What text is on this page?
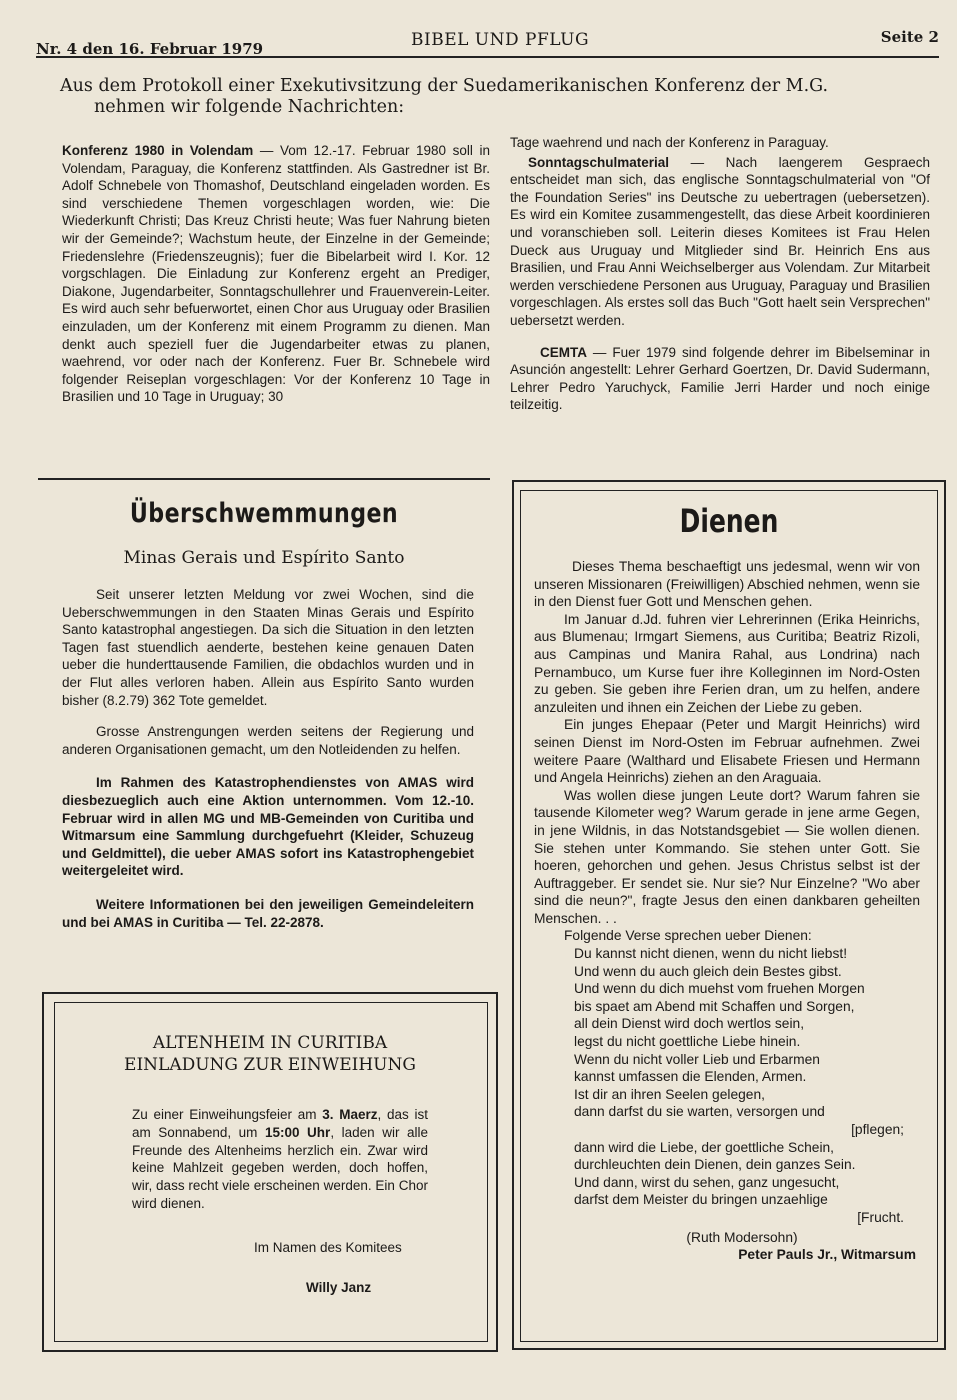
Nr. 4 den 16. Februar 1979	BIBEL UND PFLUG	Seite 2
Aus dem Protokoll einer Exekutivsitzung der Suedamerikanischen Konferenz der M.G.
nehmen wir folgende Nachrichten:

Konferenz 1980 in Volendam — Vom 12.-17. Februar 1980 soll in Volendam, Paraguay, die Konferenz stattfinden. Als Gastredner ist Br. Adolf Schnebele von Thomashof, Deutschland eingeladen worden. Es sind verschiedene Themen vorgeschlagen worden, wie: Die Wiederkunft Christi; Das Kreuz Christi heute; Was fuer Nahrung bieten wir der Gemeinde?; Wachstum heute, der Einzelne in der Gemeinde; Friedenslehre (Friedenszeugnis); fuer die Bibelarbeit wird I. Kor. 12 vorgschlagen. Die Einladung zur Konferenz ergeht an Prediger, Diakone, Jugendarbeiter, Sonntagschullehrer und Frauenverein-Leiter. Es wird auch sehr befuerwortet, einen Chor aus Uruguay oder Brasilien einzuladen, um der Konferenz mit einem Programm zu dienen. Man denkt auch speziell fuer die Jugendarbeiter etwas zu planen, waehrend, vor oder nach der Konferenz. Fuer Br. Schnebele wird folgender Reiseplan vorgeschlagen: Vor der Konferenz 10 Tage in Brasilien und 10 Tage in Uruguay; 30

Tage waehrend und nach der Konferenz in Paraguay.

Sonntagschulmaterial — Nach laengerem Gespraech entscheidet man sich, das englische Sonntagschulmaterial von "Of the Foundation Series" ins Deutsche zu uebertragen (uebersetzen). Es wird ein Komitee zusammengestellt, das diese Arbeit koordinieren und voranschieben soll. Leiterin dieses Komitees ist Frau Helen Dueck aus Uruguay und Mitglieder sind Br. Heinrich Ens aus Brasilien, und Frau Anni Weichselberger aus Volendam. Zur Mitarbeit werden verschiedene Personen aus Uruguay, Paraguay und Brasilien vorgeschlagen. Als erstes soll das Buch "Gott haelt sein Versprechen" uebersetzt werden.

CEMTA — Fuer 1979 sind folgende dehrer im Bibelseminar in Asunción angestellt: Lehrer Gerhard Goertzen, Dr. David Sudermann, Lehrer Pedro Yaruchyck, Familie Jerri Harder und noch einige teilzeitig.

Überschwemmungen
Minas Gerais und Espírito Santo

Seit unserer letzten Meldung vor zwei Wochen, sind die Ueberschwemmungen in den Staaten Minas Gerais und Espírito Santo katastrophal angestiegen. Da sich die Situation in den letzten Tagen fast stuendlich aenderte, bestehen keine genauen Daten ueber die hunderttausende Familien, die obdachlos wurden und in der Flut alles verloren haben. Allein aus Espírito Santo wurden bisher (8.2.79) 362 Tote gemeldet.

Grosse Anstrengungen werden seitens der Regierung und anderen Organisationen gemacht, um den Notleidenden zu helfen.

Im Rahmen des Katastrophendienstes von AMAS wird diesbezueglich auch eine Aktion unternommen. Vom 12.-10. Februar wird in allen MG und MB-Gemeinden von Curitiba und Witmarsum eine Sammlung durchgefuehrt (Kleider, Schuzeug und Geldmittel), die ueber AMAS sofort ins Katastrophengebiet weitergeleitet wird.

Weitere Informationen bei den jeweiligen Gemeindeleitern und bei AMAS in Curitiba — Tel. 22-2878.

ALTENHEIM IN CURITIBA
EINLADUNG ZUR EINWEIHUNG
Zu einer Einweihungsfeier am 3. Maerz, das ist am Sonnabend, um 15:00 Uhr, laden wir alle Freunde des Altenheims herzlich ein. Zwar wird keine Mahlzeit gegeben werden, doch hoffen, wir, dass recht viele erscheinen werden. Ein Chor wird dienen.
Im Namen des Komitees
Willy Janz
Dienen

Dieses Thema beschaeftigt uns jedesmal, wenn wir von unseren Missionaren (Freiwilligen) Abschied nehmen, wenn sie in den Dienst fuer Gott und Menschen gehen.

Im Januar d.Jd. fuhren vier Lehrerinnen (Erika Heinrichs, aus Blumenau; Irmgart Siemens, aus Curitiba; Beatriz Rizoli, aus Campinas und Manira Rahal, aus Londrina) nach Pernambuco, um Kurse fuer ihre Kolleginnen im Nord-Osten zu geben. Sie geben ihre Ferien dran, um zu helfen, andere anzuleiten und ihnen ein Zeichen der Liebe zu geben.

Ein junges Ehepaar (Peter und Margit Heinrichs) wird seinen Dienst im Nord-Osten im Februar aufnehmen. Zwei weitere Paare (Walthard und Elisabete Friesen und Hermann und Angela Heinrichs) ziehen an den Araguaia.

Was wollen diese jungen Leute dort? Warum fahren sie tausende Kilometer weg? Warum gerade in jene arme Gegen, in jene Wildnis, in das Notstandsgebiet — Sie wollen dienen. Sie stehen unter Kommando. Sie stehen unter Gott. Sie hoeren, gehorchen und gehen. Jesus Christus selbst ist der Auftraggeber. Er sendet sie. Nur sie? Nur Einzelne? "Wo aber sind die neun?", fragte Jesus den einen dankbaren geheilten Menschen. . .

Folgende Verse sprechen ueber Dienen:

Du kannst nicht dienen, wenn du nicht liebst!
Und wenn du auch gleich dein Bestes gibst.
Und wenn du dich muehst vom fruehen Morgen
bis spaet am Abend mit Schaffen und Sorgen,
all dein Dienst wird doch wertlos sein,
legst du nicht goettliche Liebe hinein.
Wenn du nicht voller Lieb und Erbarmen
kannst umfassen die Elenden, Armen.
Ist dir an ihren Seelen gelegen,
dann darfst du sie warten, versorgen und
[pflegen;
dann wird die Liebe, der goettliche Schein,
durchleuchten dein Dienen, dein ganzes Sein.
Und dann, wirst du sehen, ganz ungesucht,
darfst dem Meister du bringen unzaehlige
[Frucht.
(Ruth Modersohn)
Peter Pauls Jr., Witmarsum
